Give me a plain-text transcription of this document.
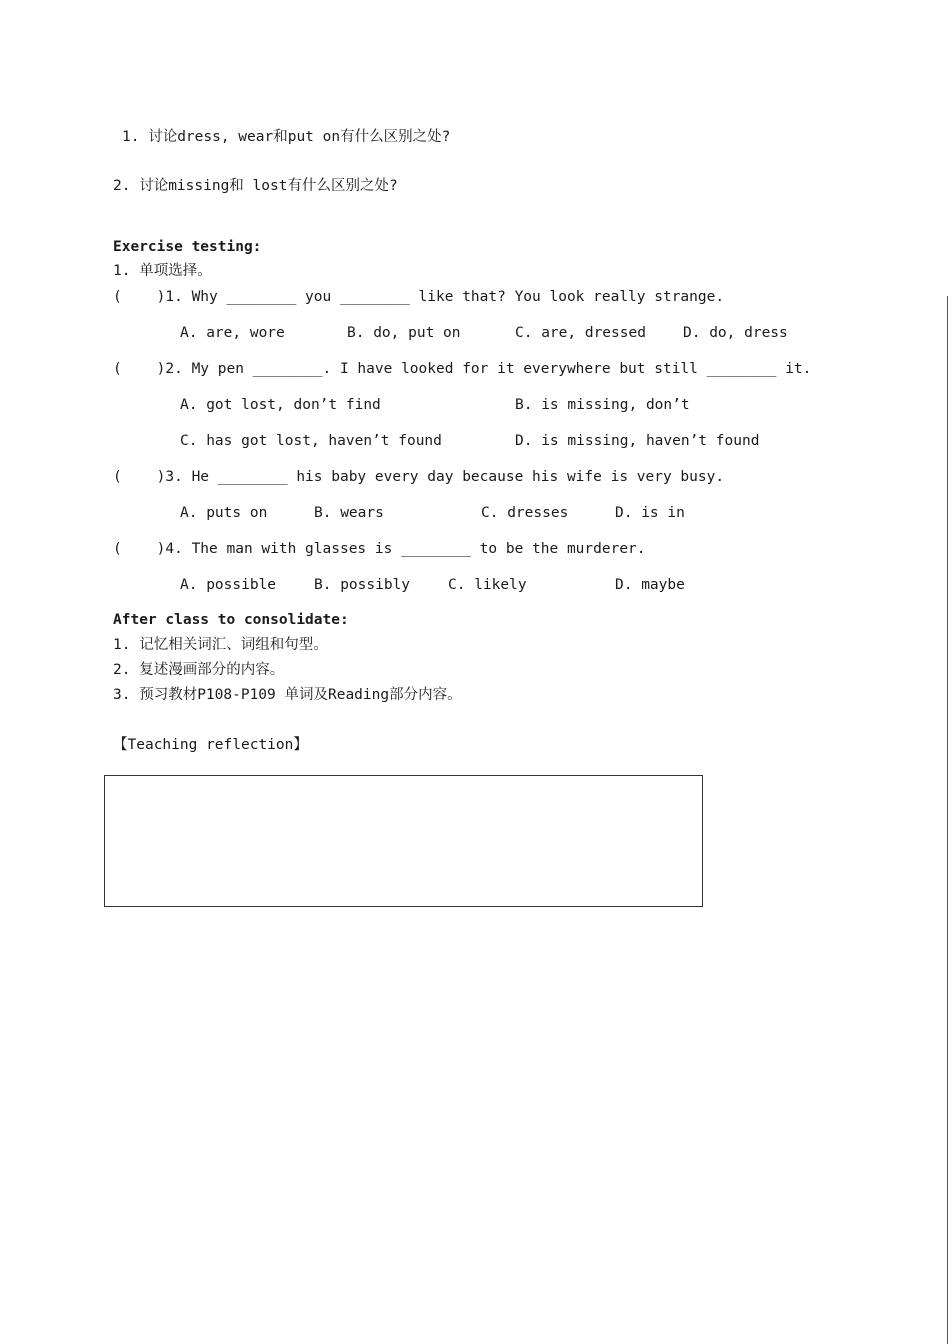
1. 讨论dress, wear和put on有什么区别之处?
2. 讨论missing和 lost有什么区别之处?
Exercise testing:
1. 单项选择。
(    )1. Why ________ you ________ like that? You look really strange.
A. are, wore	B. do, put on	C. are, dressed	D. do, dress
(    )2. My pen ________. I have looked for it everywhere but still ________ it.
A. got lost, don’t find	B. is missing, don’t
C. has got lost, haven’t found	D. is missing, haven’t found
(    )3. He ________ his baby every day because his wife is very busy.
A. puts on	B. wears	C. dresses	D. is in
(    )4. The man with glasses is ________ to be the murderer.
A. possible	B. possibly	C. likely	D. maybe
After class to consolidate:
1. 记忆相关词汇、词组和句型。
2. 复述漫画部分的内容。
3. 预习教材P108-P109 单词及Reading部分内容。
【Teaching reflection】
